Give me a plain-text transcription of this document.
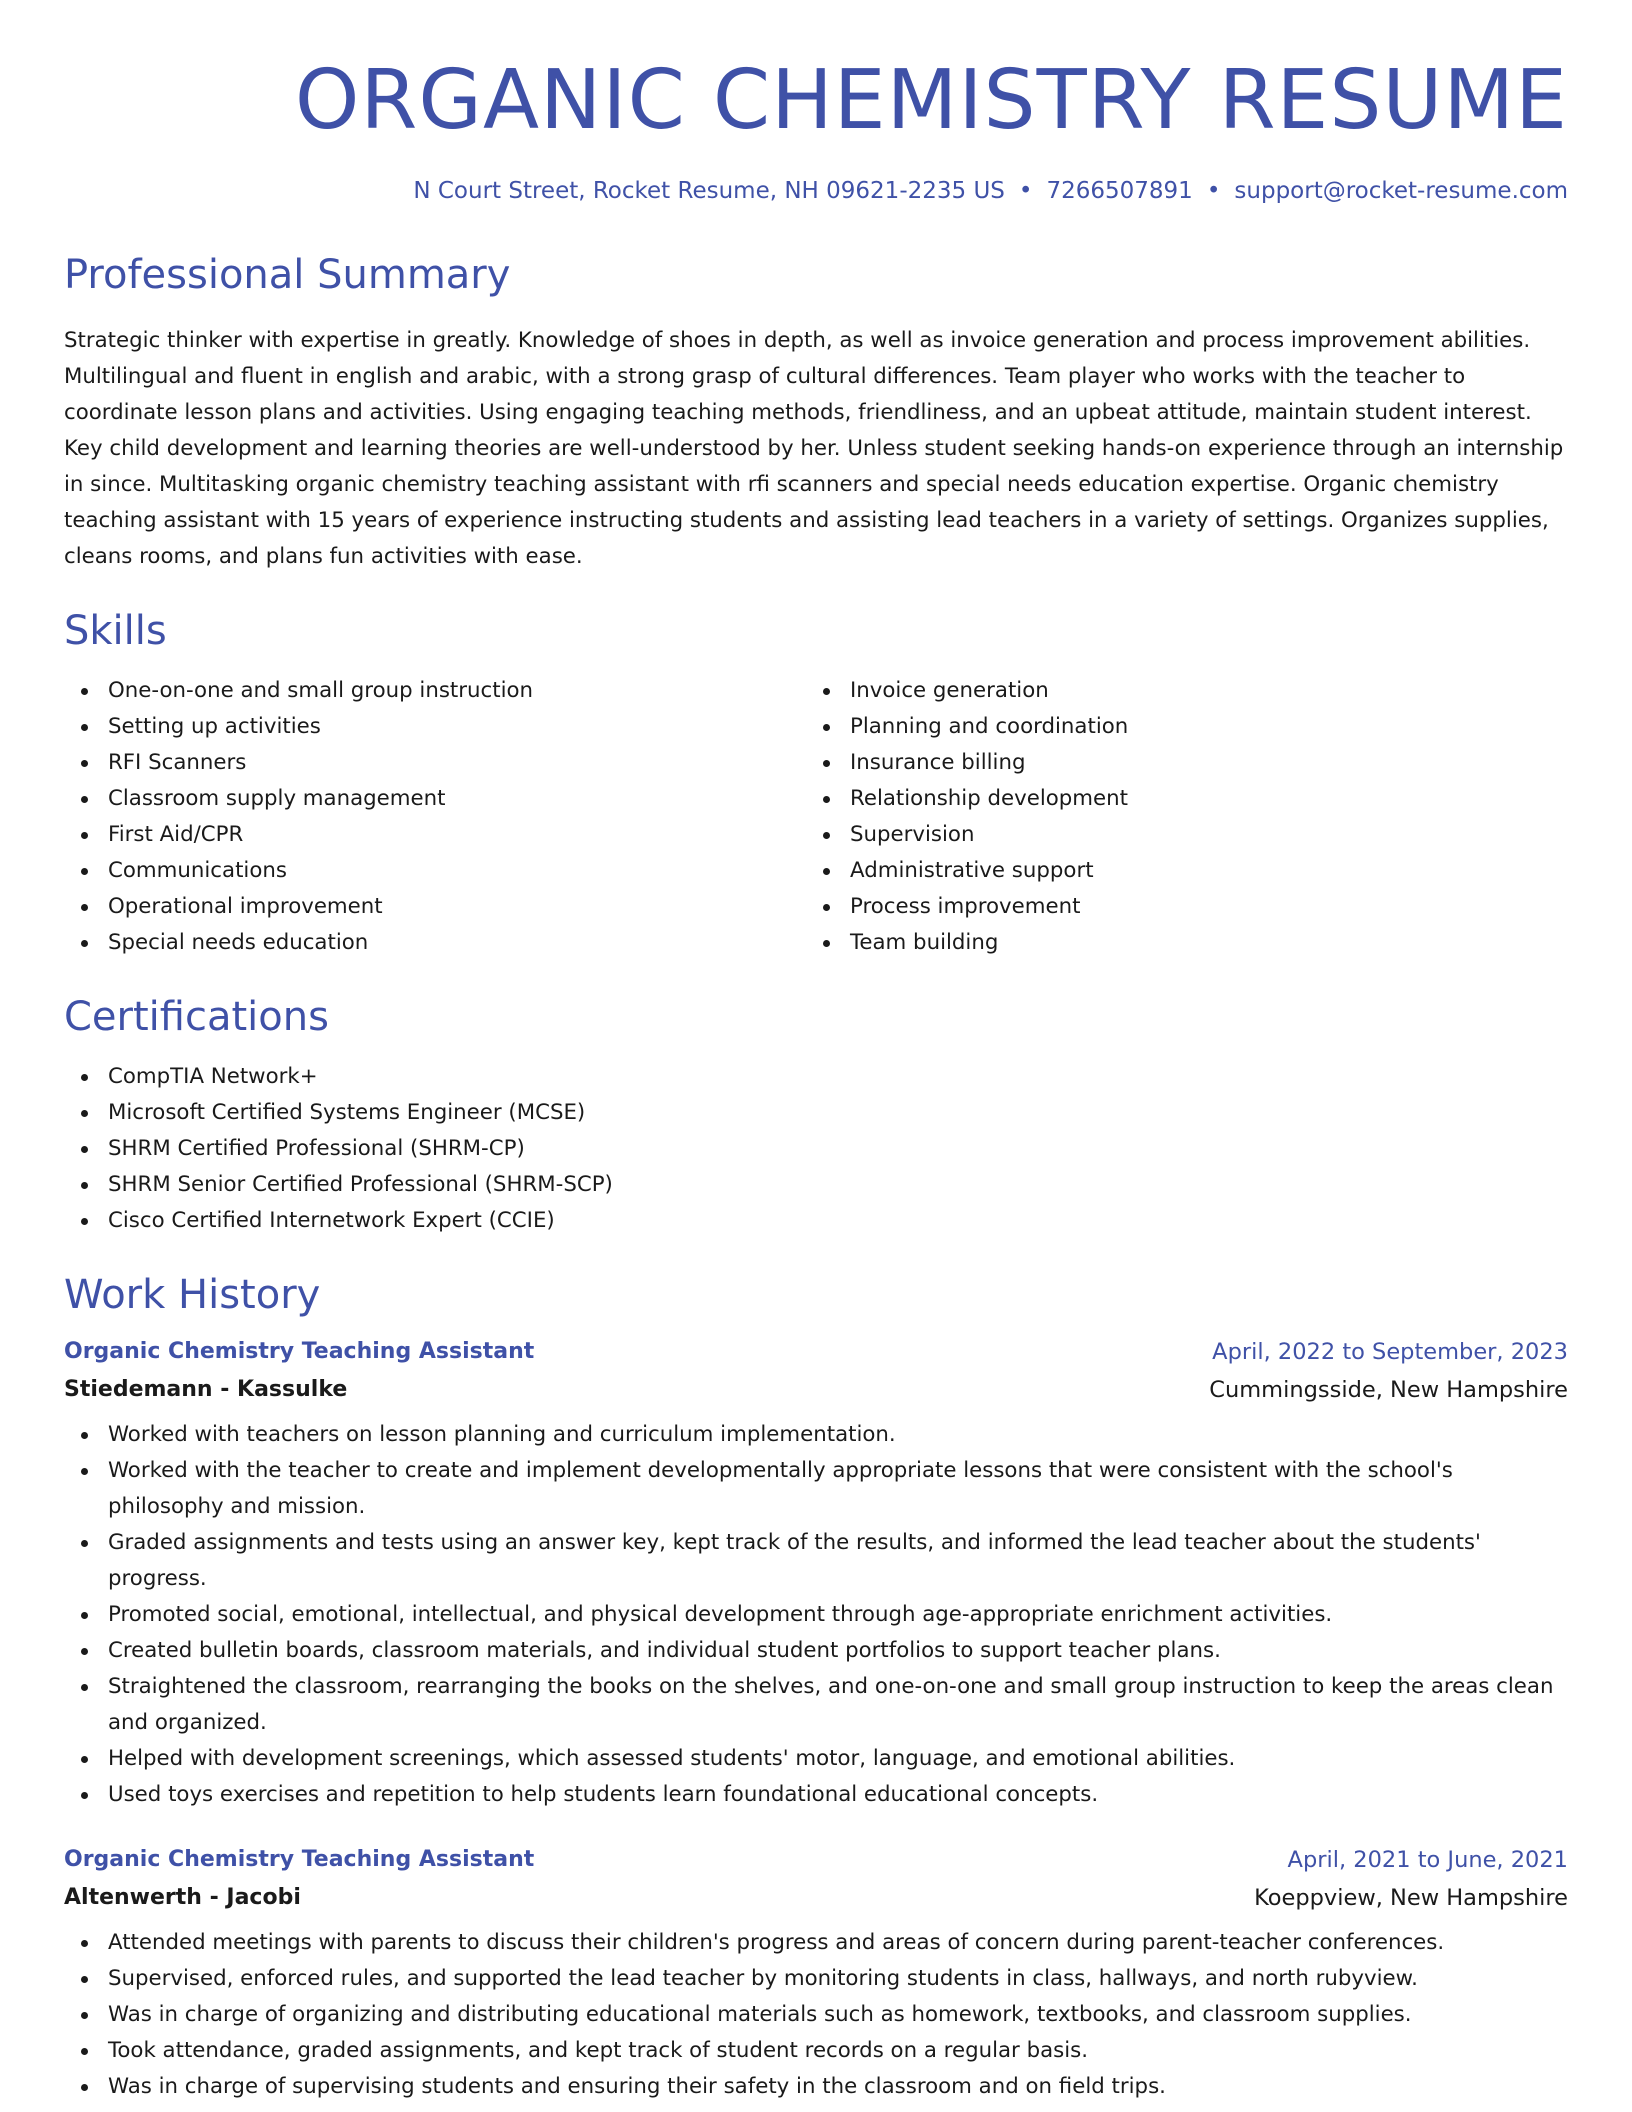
ORGANIC CHEMISTRY RESUME
N Court Street, Rocket Resume, NH 09621-2235 US • 7266507891 • support@rocket-resume.com
Professional Summary

Strategic thinker with expertise in greatly. Knowledge of shoes in depth, as well as invoice generation and process improvement abilities. Multilingual and fluent in english and arabic, with a strong grasp of cultural differences. Team player who works with the teacher to coordinate lesson plans and activities. Using engaging teaching methods, friendliness, and an upbeat attitude, maintain student interest. Key child development and learning theories are well-understood by her. Unless student seeking hands-on experience through an internship in since. Multitasking organic chemistry teaching assistant with rfi scanners and special needs education expertise. Organic chemistry teaching assistant with 15 years of experience instructing students and assisting lead teachers in a variety of settings. Organizes supplies, cleans rooms, and plans fun activities with ease.

Skills
One-on-one and small group instruction
Setting up activities
RFI Scanners
Classroom supply management
First Aid/CPR
Communications
Operational improvement
Special needs education
Invoice generation
Planning and coordination
Insurance billing
Relationship development
Supervision
Administrative support
Process improvement
Team building
Certifications
CompTIA Network+
Microsoft Certified Systems Engineer (MCSE)
SHRM Certified Professional (SHRM-CP)
SHRM Senior Certified Professional (SHRM-SCP)
Cisco Certified Internetwork Expert (CCIE)
Work History
Organic Chemistry Teaching Assistant	April, 2022 to September, 2023
Stiedemann - Kassulke	Cummingsside, New Hampshire
Worked with teachers on lesson planning and curriculum implementation.
Worked with the teacher to create and implement developmentally appropriate lessons that were consistent with the school's philosophy and mission.
Graded assignments and tests using an answer key, kept track of the results, and informed the lead teacher about the students' progress.
Promoted social, emotional, intellectual, and physical development through age-appropriate enrichment activities.
Created bulletin boards, classroom materials, and individual student portfolios to support teacher plans.
Straightened the classroom, rearranging the books on the shelves, and one-on-one and small group instruction to keep the areas clean and organized.
Helped with development screenings, which assessed students' motor, language, and emotional abilities.
Used toys exercises and repetition to help students learn foundational educational concepts.
Organic Chemistry Teaching Assistant	April, 2021 to June, 2021
Altenwerth - Jacobi	Koeppview, New Hampshire
Attended meetings with parents to discuss their children's progress and areas of concern during parent-teacher conferences.
Supervised, enforced rules, and supported the lead teacher by monitoring students in class, hallways, and north rubyview.
Was in charge of organizing and distributing educational materials such as homework, textbooks, and classroom supplies.
Took attendance, graded assignments, and kept track of student records on a regular basis.
Was in charge of supervising students and ensuring their safety in the classroom and on field trips.
